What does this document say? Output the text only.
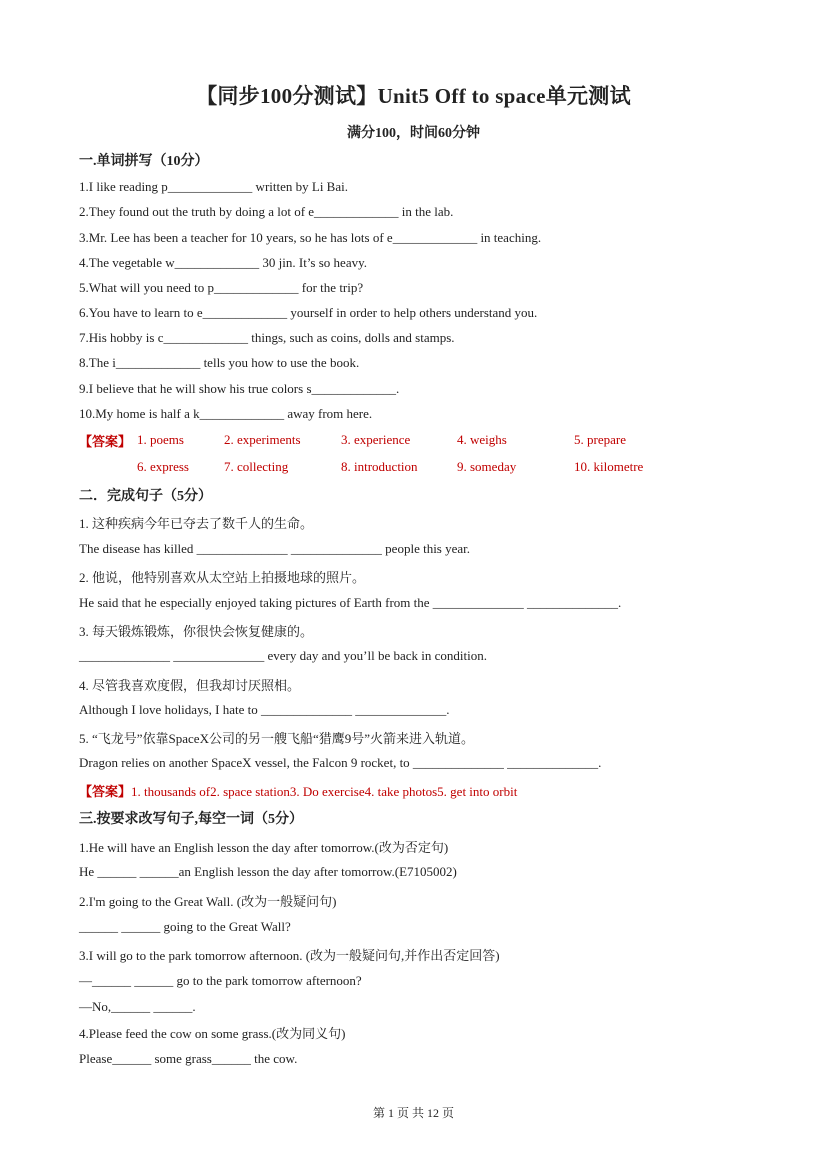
【同步100分测试】Unit5 Off to space单元测试
满分100，时间60分钟
一.单词拼写（10分）
1.I like reading p_____________ written by Li Bai.
2.They found out the truth by doing a lot of e_____________ in the lab.
3.Mr. Lee has been a teacher for 10 years, so he has lots of e_____________ in teaching.
4.The vegetable w_____________ 30 jin. It’s so heavy.
5.What will you need to p_____________ for the trip?
6.You have to learn to e_____________ yourself in order to help others understand you.
7.His hobby is c_____________ things, such as coins, dolls and stamps.
8.The i_____________ tells you how to use the book.
9.I believe that he will show his true colors s_____________.
10.My home is half a k_____________ away from here.
【答案】 1. poems	2. experiments	3. experience	4. weighs	5. prepare
6. express	7. collecting	8. introduction	9. someday	10. kilometre
二．完成句子（5分）
1. 这种疾病今年已夺去了数千人的生命。
The disease has killed ______________ ______________ people this year.
2. 他说，他特别喜欢从太空站上拍摄地球的照片。
He said that he especially enjoyed taking pictures of Earth from the ______________ ______________.
3. 每天锻炼锻炼，你很快会恢复健康的。
______________ ______________ every day and you’ll be back in condition.
4. 尽管我喜欢度假，但我却讨厌照相。
Although I love holidays, I hate to ______________ ______________.
5. “飞龙号”依靠SpaceX公司的另一艘飞船“猎鹰9号”火箭来进入轨道。
Dragon relies on another SpaceX vessel, the Falcon 9 rocket, to ______________ ______________.
【答案】1. thousands of2. space station3. Do exercise4. take photos5. get into orbit
三.按要求改写句子,每空一词（5分）
1.He will have an English lesson the day after tomorrow.(改为否定句)
He ______ ______an English lesson the day after tomorrow.(E7105002)
2.I'm going to the Great Wall. (改为一般疑问句)
______ ______ going to the Great Wall?
3.I will go to the park tomorrow afternoon. (改为一般疑问句,并作出否定回答)
—______ ______ go to the park tomorrow afternoon?
—No,______ ______.
4.Please feed the cow on some grass.(改为同义句)
Please______ some grass______ the cow.
第 1 页 共 12 页
